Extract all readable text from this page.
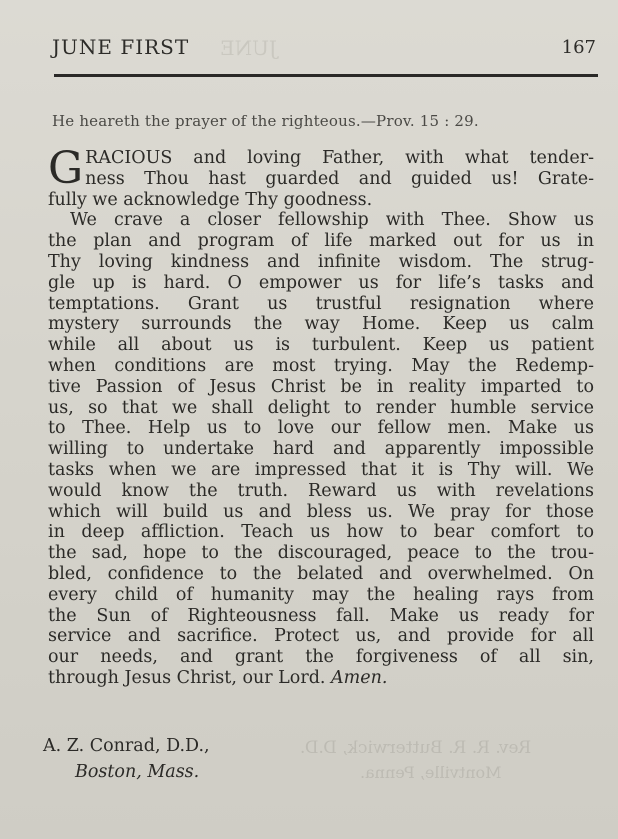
JUNE
JUNE FIRST	167
He heareth the prayer of the righteous.—Prov. 15 : 29.
G RACIOUS and loving Father, with what tender-
ness Thou hast guarded and guided us! Grate-
fully we acknowledge Thy goodness.
We crave a closer fellowship with Thee. Show us
the plan and program of life marked out for us in
Thy loving kindness and infinite wisdom. The strug-
gle up is hard. O empower us for life’s tasks and
temptations. Grant us trustful resignation where
mystery surrounds the way Home. Keep us calm
while all about us is turbulent. Keep us patient
when conditions are most trying. May the Redemp-
tive Passion of Jesus Christ be in reality imparted to
us, so that we shall delight to render humble service
to Thee. Help us to love our fellow men. Make us
willing to undertake hard and apparently impossible
tasks when we are impressed that it is Thy will. We
would know the truth. Reward us with revelations
which will build us and bless us. We pray for those
in deep affliction. Teach us how to bear comfort to
the sad, hope to the discouraged, peace to the trou-
bled, confidence to the belated and overwhelmed. On
every child of humanity may the healing rays from
the Sun of Righteousness fall. Make us ready for
service and sacrifice. Protect us, and provide for all
our needs, and grant the forgiveness of all sin,
through Jesus Christ, our Lord. Amen.
Rev. R. R. Butterwick, D.D.
Montville, Penna.
A. Z. Conrad, D.D.,
Boston, Mass.
